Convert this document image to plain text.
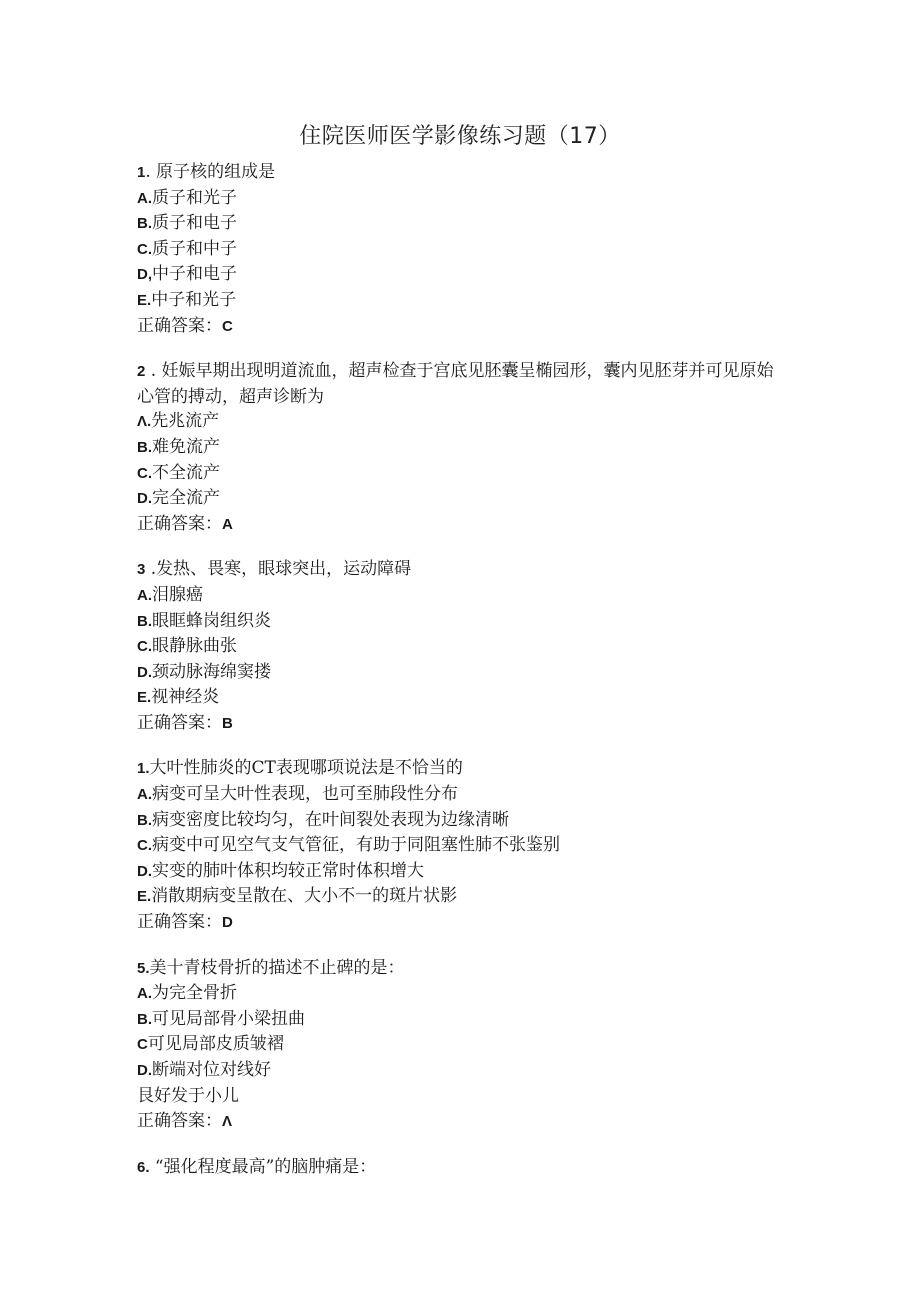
住院医师医学影像练习题（17）
1. 原子核的组成是
A.质子和光子
B.质子和电子
C.质子和中子
D,中子和电子
E.中子和光子
正确答案：C
2 . 妊娠早期出现明道流血，超声检查于宫底见胚囊呈椭园形，囊内见胚芽并可见原始心管的搏动，超声诊断为
Λ.先兆流产
B.难免流产
C.不全流产
D.完全流产
正确答案：A
3 .发热、畏寒，眼球突出，运动障碍
A.泪腺癌
B.眼眶蜂岗组织炎
C.眼静脉曲张
D.颈动脉海绵窦搂
E.视神经炎
正确答案：B
1.大叶性肺炎的CT表现哪项说法是不恰当的
A.病变可呈大叶性表现，也可至肺段性分布
B.病变密度比较均匀，在叶间裂处表现为边缘清晰
C.病变中可见空气支气管征，有助于同阻塞性肺不张鉴别
D.实变的肺叶体积均较正常时体积增大
E.消散期病变呈散在、大小不一的斑片状影
正确答案：D
5.美十青枝骨折的描述不止碑的是：
A.为完全骨折
B.可见局部骨小梁扭曲
C可见局部皮质皱褶
D.断端对位对线好
艮好发于小儿
正确答案：Λ
6. “强化程度最高”的脑肿痛是：
